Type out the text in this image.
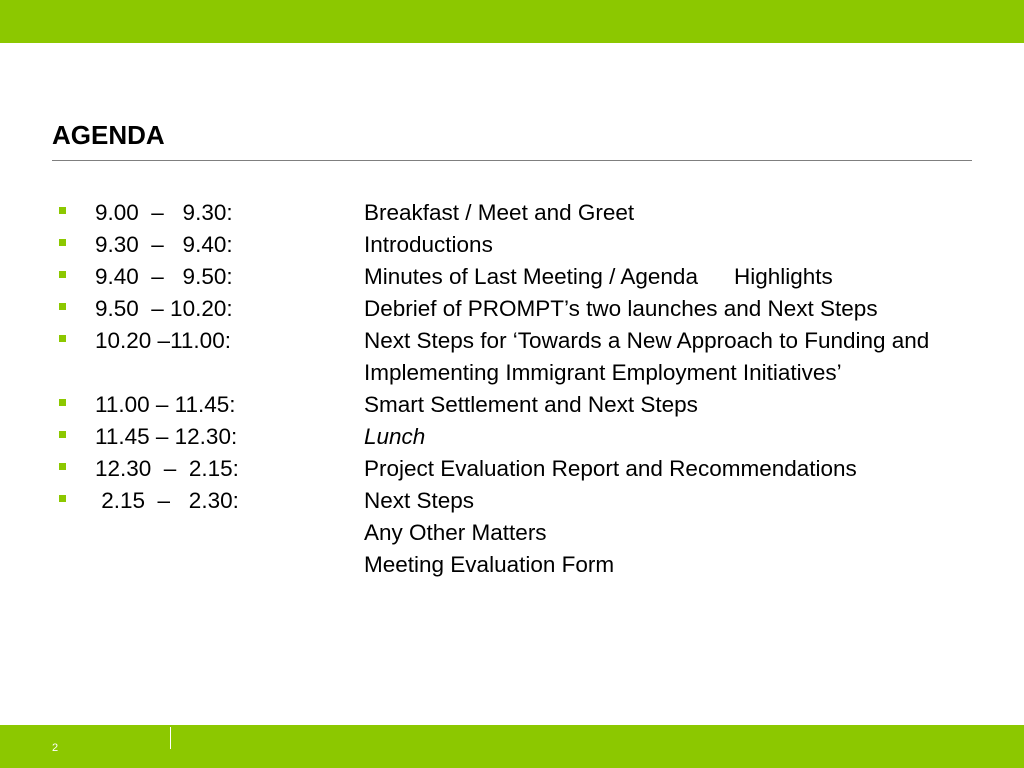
AGENDA
9.00  –   9.30:	Breakfast / Meet and Greet
9.30  –   9.40:	Introductions
9.40  –   9.50:	Minutes of Last Meeting / Agenda Highlights
9.50  – 10.20:	Debrief of PROMPT’s two launches and Next Steps
10.20 –11.00:	Next Steps for ‘Towards a New Approach to Funding and Implementing Immigrant Employment Initiatives’
11.00 – 11.45:	Smart Settlement and Next Steps
11.45 – 12.30:	Lunch
12.30  –  2.15:	Project Evaluation Report and Recommendations
2.15  –   2.30:	Next Steps
Any Other Matters
Meeting Evaluation Form
2
